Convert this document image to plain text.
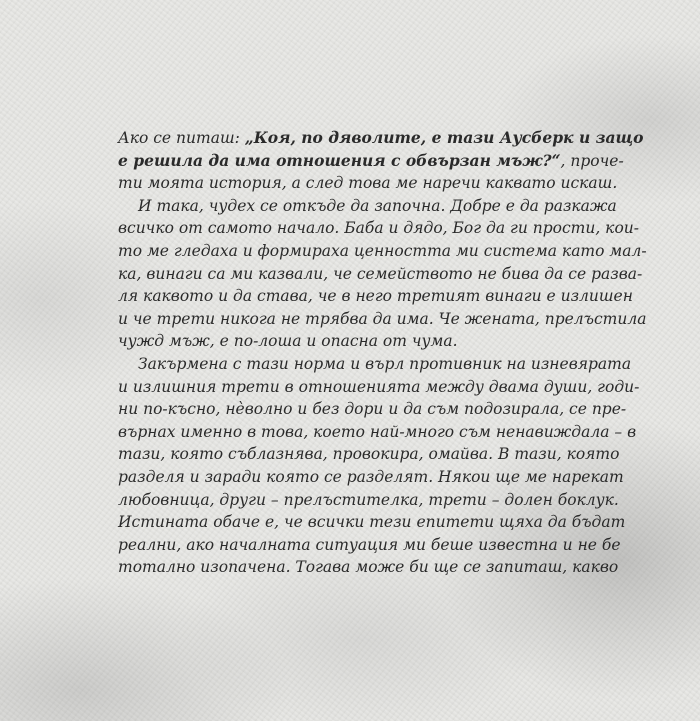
Ако се питаш: „Коя, по дяволите, е тази Аусберк и защо
е решила да има отношения с обвързан мъж?“, проче-
ти моята история, а след това ме наречи каквато искаш.
И така, чудех се откъде да започна. Добре е да разкажа
всичко от самото начало. Баба и дядо, Бог да ги прости, кои-
то ме гледаха и формираха ценността ми система като мал-
ка, винаги са ми казвали, че семейството не бива да се разва-
ля каквото и да става, че в него третият винаги е излишен
и че трети никога не трябва да има. Че жената, прелъстила
чужд мъж, е по-лоша и опасна от чума.
Закърмена с тази норма и върл противник на изневярата
и излишния трети в отношенията между двама души, годи-
ни по-късно, нѐволно и без дори и да съм подозирала, се пре-
върнах именно в това, което най-много съм ненавиждала – в
тази, която съблазнява, провокира, омайва. В тази, която
разделя и заради която се разделят. Някои ще ме нарекат
любовница, други – прелъстителка, трети – долен боклук.
Истината обаче е, че всички тези епитети щяха да бъдат
реални, ако началната ситуация ми беше известна и не бе
тотално изопачена. Тогава може би ще се запиташ, какво
